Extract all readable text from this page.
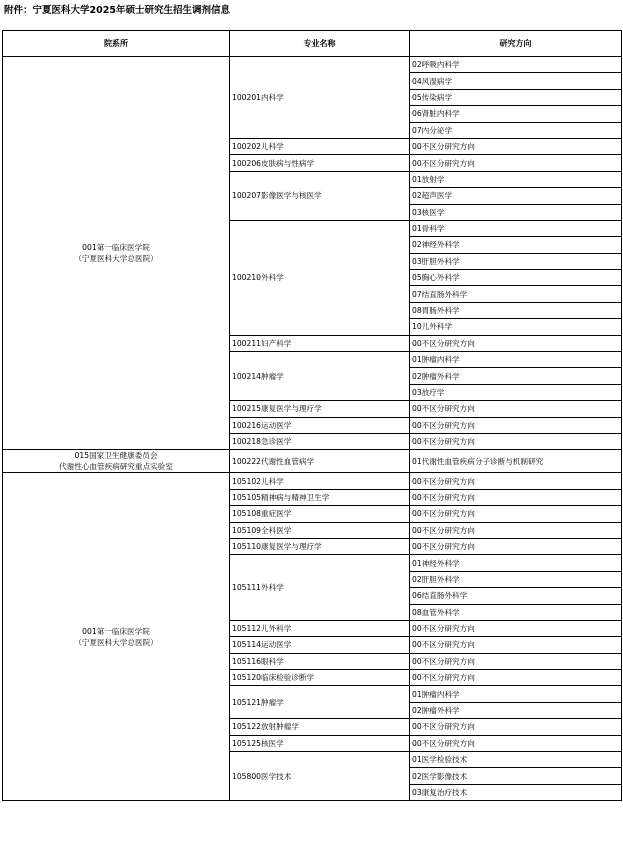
附件：宁夏医科大学2025年硕士研究生招生调剂信息
院系所	专业名称	研究方向

001第一临床医学院
（宁夏医科大学总医院）	100201内科学	02呼吸内科学
		04风湿病学
		05传染病学
		06肾脏内科学
		07内分泌学
	100202儿科学	00不区分研究方向
	100206皮肤病与性病学	00不区分研究方向
	100207影像医学与核医学	01放射学
		02超声医学
		03核医学
	100210外科学	01骨科学
		02神经外科学
		03肝胆外科学
		05胸心外科学
		07结直肠外科学
		08胃肠外科学
		10儿外科学
	100211妇产科学	00不区分研究方向
	100214肿瘤学	01肿瘤内科学
		02肿瘤外科学
		03放疗学
	100215康复医学与理疗学	00不区分研究方向
	100216运动医学	00不区分研究方向
	100218急诊医学	00不区分研究方向

015国家卫生健康委员会
代谢性心血管疾病研究重点实验室	100222代谢性血管病学	01代谢性血管疾病分子诊断与机制研究

001第一临床医学院
（宁夏医科大学总医院）	105102儿科学	00不区分研究方向
	105105精神病与精神卫生学	00不区分研究方向
	105108重症医学	00不区分研究方向
	105109全科医学	00不区分研究方向
	105110康复医学与理疗学	00不区分研究方向
	105111外科学	01神经外科学
		02肝胆外科学
		06结直肠外科学
		08血管外科学
	105112儿外科学	00不区分研究方向
	105114运动医学	00不区分研究方向
	105116眼科学	00不区分研究方向
	105120临床检验诊断学	00不区分研究方向
	105121肿瘤学	01肿瘤内科学
		02肿瘤外科学
	105122放射肿瘤学	00不区分研究方向
	105125核医学	00不区分研究方向
	105800医学技术	01医学检验技术
		02医学影像技术
		03康复治疗技术
